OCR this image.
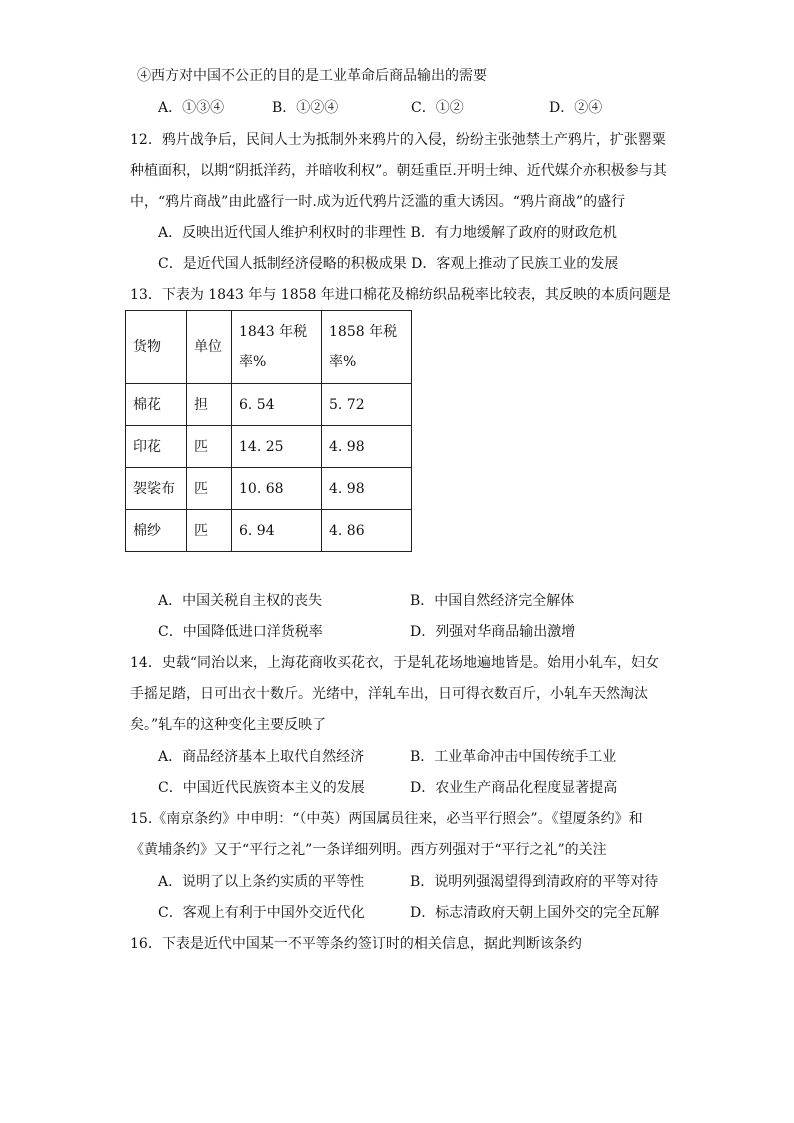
④西方对中国不公正的目的是工业革命后商品输出的需要
A．①③④	B．①②④	C．①②	D．②④
12．鸦片战争后，民间人士为抵制外来鸦片的入侵，纷纷主张弛禁土产鸦片，扩张罂粟
种植面积，以期“阴抵洋药，并暗收利权”。朝廷重臣.开明士绅、近代媒介亦积极参与其
中，“鸦片商战”由此盛行一时.成为近代鸦片泛滥的重大诱因。“鸦片商战”的盛行
A．反映出近代国人维护利权时的非理性 B．有力地缓解了政府的财政危机
C．是近代国人抵制经济侵略的积极成果 D．客观上推动了民族工业的发展
13．下表为 1843 年与 1858 年进口棉花及棉纺织品税率比较表，其反映的本质问题是
货物	单位	1843 年税率%	1858 年税率%

棉花	担	6. 54	5. 72
印花	匹	14. 25	4. 98
袈裟布	匹	10. 68	4. 98
棉纱	匹	6. 94	4. 86
A．中国关税自主权的丧失	B．中国自然经济完全解体
C．中国降低进口洋货税率	D．列强对华商品输出激增
14．史载“同治以来，上海花商收买花衣，于是轧花场地遍地皆是。始用小轧车，妇女
手摇足踏，日可出衣十数斤。光绪中，洋轧车出，日可得衣数百斤，小轧车天然淘汰
矣。”轧车的这种变化主要反映了
A．商品经济基本上取代自然经济	B．工业革命冲击中国传统手工业
C．中国近代民族资本主义的发展	D．农业生产商品化程度显著提高
15.《南京条约》中申明：“（中英）两国属员往来，必当平行照会”。《望厦条约》和
《黄埔条约》又于“平行之礼”一条详细列明。西方列强对于“平行之礼”的关注
A．说明了以上条约实质的平等性	B．说明列强渴望得到清政府的平等对待
C．客观上有利于中国外交近代化	D．标志清政府天朝上国外交的完全瓦解
16．下表是近代中国某一不平等条约签订时的相关信息，据此判断该条约
